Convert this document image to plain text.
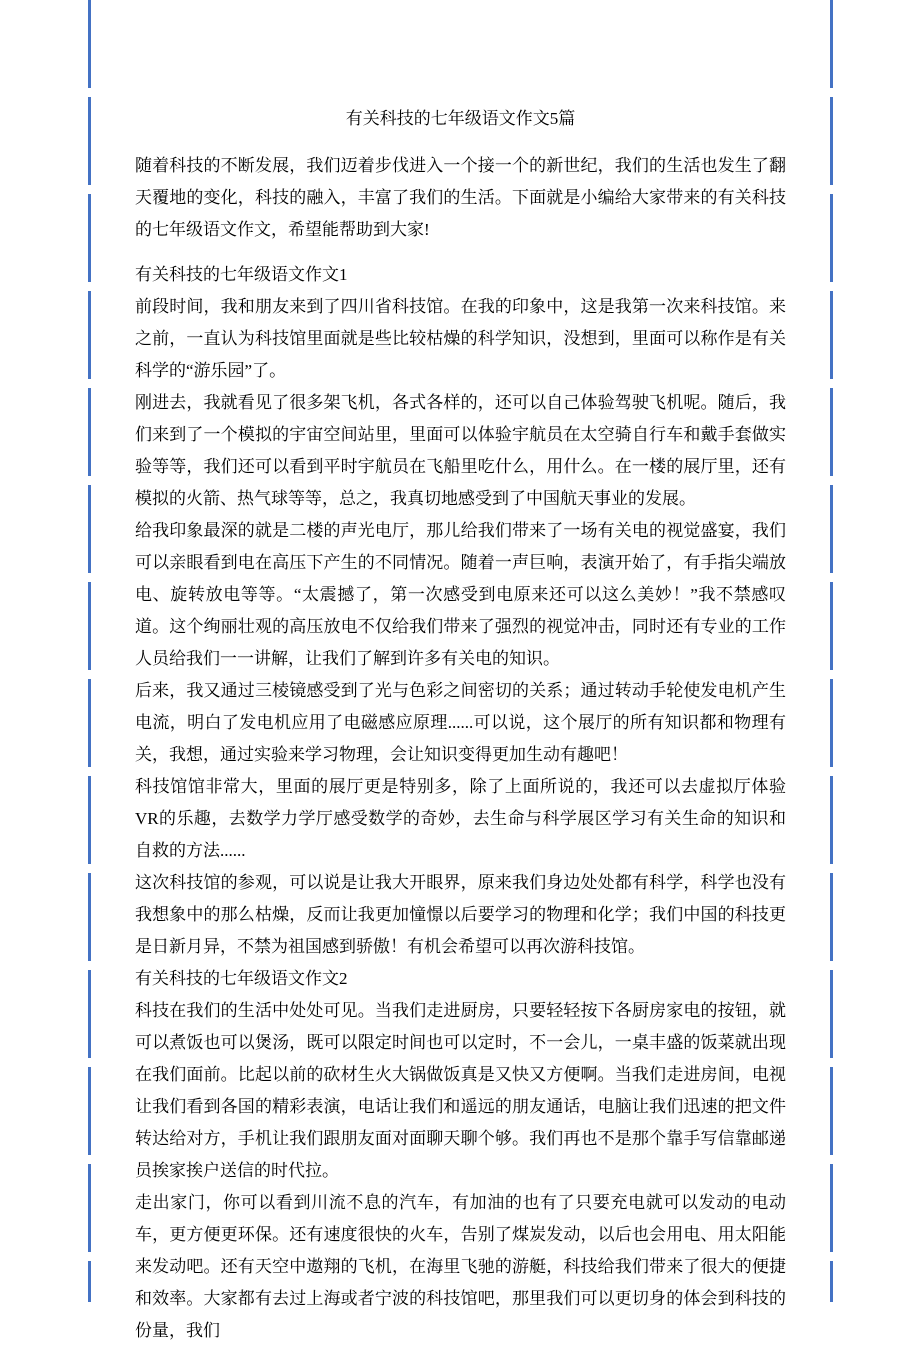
有关科技的七年级语文作文5篇

随着科技的不断发展，我们迈着步伐进入一个接一个的新世纪，我们的生活也发生了翻天覆地的变化，科技的融入，丰富了我们的生活。下面就是小编给大家带来的有关科技的七年级语文作文，希望能帮助到大家!

有关科技的七年级语文作文1

前段时间，我和朋友来到了四川省科技馆。在我的印象中，这是我第一次来科技馆。来之前，一直认为科技馆里面就是些比较枯燥的科学知识，没想到，里面可以称作是有关科学的“游乐园”了。

刚进去，我就看见了很多架飞机，各式各样的，还可以自己体验驾驶飞机呢。随后，我们来到了一个模拟的宇宙空间站里，里面可以体验宇航员在太空骑自行车和戴手套做实验等等，我们还可以看到平时宇航员在飞船里吃什么，用什么。在一楼的展厅里，还有模拟的火箭、热气球等等，总之，我真切地感受到了中国航天事业的发展。

给我印象最深的就是二楼的声光电厅，那儿给我们带来了一场有关电的视觉盛宴，我们可以亲眼看到电在高压下产生的不同情况。随着一声巨响，表演开始了，有手指尖端放电、旋转放电等等。“太震撼了，第一次感受到电原来还可以这么美妙！”我不禁感叹道。这个绚丽壮观的高压放电不仅给我们带来了强烈的视觉冲击，同时还有专业的工作人员给我们一一讲解，让我们了解到许多有关电的知识。

后来，我又通过三棱镜感受到了光与色彩之间密切的关系；通过转动手轮使发电机产生电流，明白了发电机应用了电磁感应原理......可以说，这个展厅的所有知识都和物理有关，我想，通过实验来学习物理，会让知识变得更加生动有趣吧！

科技馆馆非常大，里面的展厅更是特别多，除了上面所说的，我还可以去虚拟厅体验VR的乐趣，去数学力学厅感受数学的奇妙，去生命与科学展区学习有关生命的知识和自救的方法......

这次科技馆的参观，可以说是让我大开眼界，原来我们身边处处都有科学，科学也没有我想象中的那么枯燥，反而让我更加憧憬以后要学习的物理和化学；我们中国的科技更是日新月异，不禁为祖国感到骄傲！有机会希望可以再次游科技馆。

有关科技的七年级语文作文2

科技在我们的生活中处处可见。当我们走进厨房，只要轻轻按下各厨房家电的按钮，就可以煮饭也可以煲汤，既可以限定时间也可以定时，不一会儿，一桌丰盛的饭菜就出现在我们面前。比起以前的砍材生火大锅做饭真是又快又方便啊。当我们走进房间，电视让我们看到各国的精彩表演，电话让我们和遥远的朋友通话，电脑让我们迅速的把文件转达给对方，手机让我们跟朋友面对面聊天聊个够。我们再也不是那个靠手写信靠邮递员挨家挨户送信的时代拉。

走出家门，你可以看到川流不息的汽车，有加油的也有了只要充电就可以发动的电动车，更方便更环保。还有速度很快的火车，告别了煤炭发动，以后也会用电、用太阳能来发动吧。还有天空中遨翔的飞机，在海里飞驰的游艇，科技给我们带来了很大的便捷和效率。大家都有去过上海或者宁波的科技馆吧，那里我们可以更切身的体会到科技的份量，我们
